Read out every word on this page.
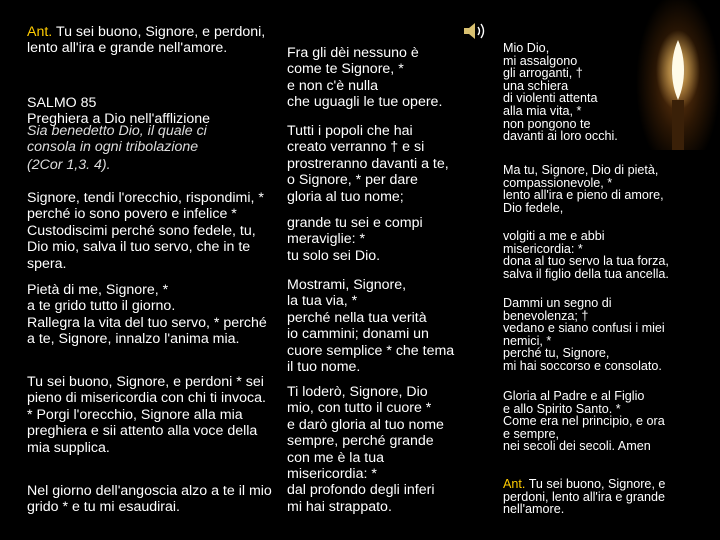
Ant. Tu sei buono, Signore, e perdoni, lento all'ira e grande nell'amore.

SALMO 85

Preghiera a Dio nell'afflizione

Sia benedetto Dio, il quale ci consola in ogni tribolazione

(2Cor 1,3. 4).

Signore, tendi l'orecchio, rispondimi, * perché io sono povero e infelice * Custodiscimi perché sono fedele, tu, Dio mio, salva il tuo servo, che in te spera.

Pietà di me, Signore, *
a te grido tutto il giorno.
Rallegra la vita del tuo servo, * perché a te, Signore, innalzo l'anima mia.

Tu sei buono, Signore, e perdoni * sei pieno di misericordia con chi ti invoca. * Porgi l'orecchio, Signore alla mia preghiera e sii attento alla voce della mia supplica.

Nel giorno dell'angoscia alzo a te il mio grido * e tu mi esaudirai.

Fra gli dèi nessuno è
come te Signore, *
e non c'è nulla
che uguagli le tue opere.

Tutti i popoli che hai
creato verranno † e si
prostreranno davanti a te,
o Signore, * per dare
gloria al tuo nome;

grande tu sei e compi
meraviglie: *
tu solo sei Dio.

Mostrami, Signore,
la tua via, *
perché nella tua verità
io cammini; donami un
cuore semplice * che tema
il tuo nome.

Ti loderò, Signore, Dio
mio, con tutto il cuore *
e darò gloria al tuo nome
sempre, perché grande
con me è la tua
misericordia: *
dal profondo degli inferi
mi hai strappato.

Mio Dio,
mi assalgono
gli arroganti, †
una schiera
di violenti attenta
alla mia vita, *
non pongono te
davanti ai loro occhi.

Ma tu, Signore, Dio di pietà,
compassionevole, *
lento all'ira e pieno di amore,
Dio fedele,

volgiti a me e abbi
misericordia: *
dona al tuo servo la tua forza,
salva il figlio della tua ancella.

Dammi un segno di
benevolenza; †
vedano e siano confusi i miei
nemici, *
perché tu, Signore,
mi hai soccorso e consolato.

Gloria al Padre e al Figlio
e allo Spirito Santo. *
Come era nel principio, e ora
e sempre,
nei secoli dei secoli. Amen

Ant. Tu sei buono, Signore, e perdoni, lento all'ira e grande nell'amore.
